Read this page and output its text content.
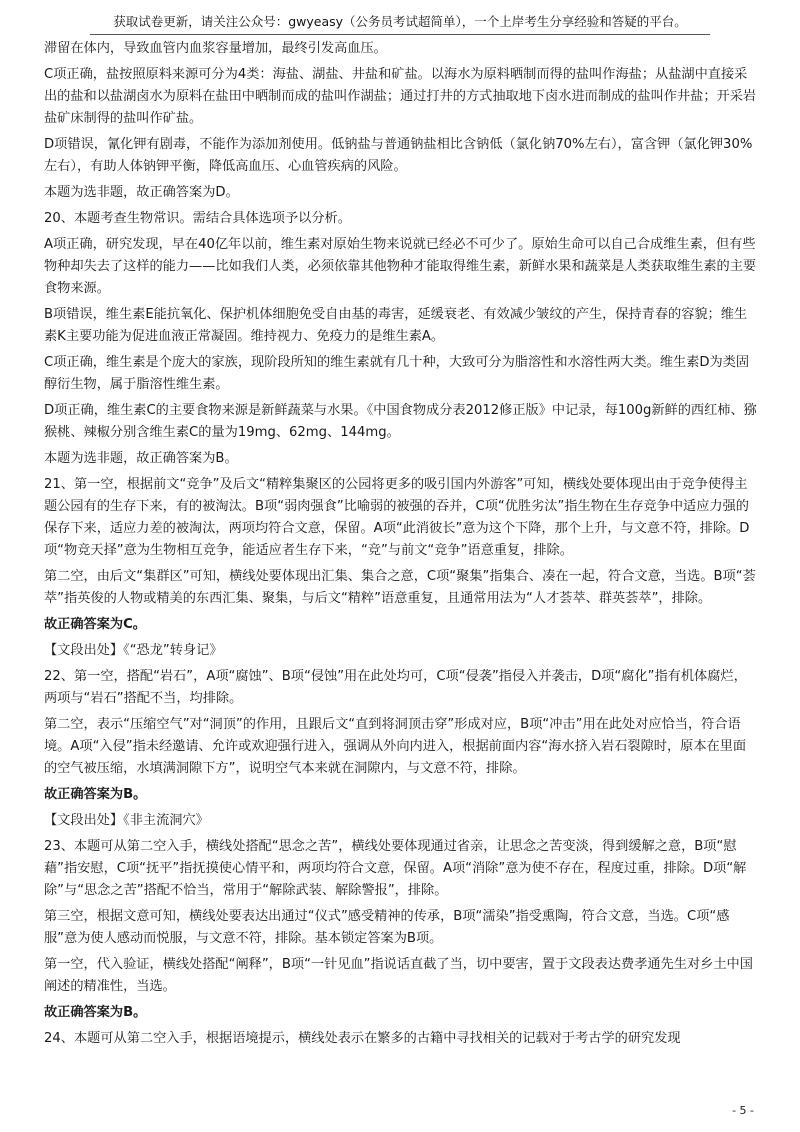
获取试卷更新，请关注公众号：gwyeasy（公务员考试超简单），一个上岸考生分享经验和答疑的平台。

滞留在体内，导致血管内血浆容量增加，最终引发高血压。

C项正确，盐按照原料来源可分为4类：海盐、湖盐、井盐和矿盐。以海水为原料晒制而得的盐叫作海盐；从盐湖中直接采出的盐和以盐湖卤水为原料在盐田中晒制而成的盐叫作湖盐；通过打井的方式抽取地下卤水进而制成的盐叫作井盐；开采岩盐矿床制得的盐叫作矿盐。

D项错误，氰化钾有剧毒，不能作为添加剂使用。低钠盐与普通钠盐相比含钠低（氯化钠70%左右），富含钾（氯化钾30%左右），有助人体钠钾平衡，降低高血压、心血管疾病的风险。

本题为选非题，故正确答案为D。

20、本题考查生物常识。需结合具体选项予以分析。

A项正确，研究发现，早在40亿年以前，维生素对原始生物来说就已经必不可少了。原始生命可以自己合成维生素，但有些物种却失去了这样的能力——比如我们人类，必须依靠其他物种才能取得维生素，新鲜水果和蔬菜是人类获取维生素的主要食物来源。

B项错误，维生素E能抗氧化、保护机体细胞免受自由基的毒害，延缓衰老、有效减少皱纹的产生，保持青春的容貌；维生素K主要功能为促进血液正常凝固。维持视力、免疫力的是维生素A。

C项正确，维生素是个庞大的家族，现阶段所知的维生素就有几十种，大致可分为脂溶性和水溶性两大类。维生素D为类固醇衍生物，属于脂溶性维生素。

D项正确，维生素C的主要食物来源是新鲜蔬菜与水果。《中国食物成分表2012修正版》中记录，每100g新鲜的西红柿、猕猴桃、辣椒分别含维生素C的量为19mg、62mg、144mg。

本题为选非题，故正确答案为B。

21、第一空，根据前文“竞争”及后文“精粹集聚区的公园将更多的吸引国内外游客”可知，横线处要体现出由于竞争使得主题公园有的生存下来，有的被淘汰。B项“弱肉强食”比喻弱的被强的吞并，C项“优胜劣汰”指生物在生存竞争中适应力强的保存下来，适应力差的被淘汰，两项均符合文意，保留。A项“此消彼长”意为这个下降，那个上升，与文意不符，排除。D项“物竞天择”意为生物相互竞争，能适应者生存下来，“竞”与前文“竞争”语意重复，排除。

第二空，由后文“集群区”可知，横线处要体现出汇集、集合之意，C项“聚集”指集合、凑在一起，符合文意，当选。B项“荟萃”指英俊的人物或精美的东西汇集、聚集，与后文“精粹”语意重复，且通常用法为“人才荟萃、群英荟萃”，排除。

故正确答案为C。

【文段出处】《“恐龙”转身记》

22、第一空，搭配“岩石”，A项“腐蚀”、B项“侵蚀”用在此处均可，C项“侵袭”指侵入并袭击，D项“腐化”指有机体腐烂，两项与“岩石”搭配不当，均排除。

第二空，表示“压缩空气”对“洞顶”的作用，且跟后文“直到将洞顶击穿”形成对应，B项“冲击”用在此处对应恰当，符合语境。A项“入侵”指未经邀请、允许或欢迎强行进入，强调从外向内进入，根据前面内容“海水挤入岩石裂隙时，原本在里面的空气被压缩，水填满洞隙下方”，说明空气本来就在洞隙内，与文意不符，排除。

故正确答案为B。

【文段出处】《非主流洞穴》

23、本题可从第二空入手，横线处搭配“思念之苦”，横线处要体现通过省亲，让思念之苦变淡，得到缓解之意，B项“慰藉”指安慰，C项“抚平”指抚摸使心情平和，两项均符合文意，保留。A项“消除”意为使不存在，程度过重，排除。D项“解除”与“思念之苦”搭配不恰当，常用于“解除武装、解除警报”，排除。

第三空，根据文意可知，横线处要表达出通过“仪式”感受精神的传承，B项“濡染”指受熏陶，符合文意，当选。C项“感服”意为使人感动而悦服，与文意不符，排除。基本锁定答案为B项。

第一空，代入验证，横线处搭配“阐释”，B项“一针见血”指说话直截了当，切中要害，置于文段表达费孝通先生对乡土中国阐述的精准性，当选。

故正确答案为B。

24、本题可从第二空入手，根据语境提示，横线处表示在繁多的古籍中寻找相关的记载对于考古学的研究发现

- 5 -
